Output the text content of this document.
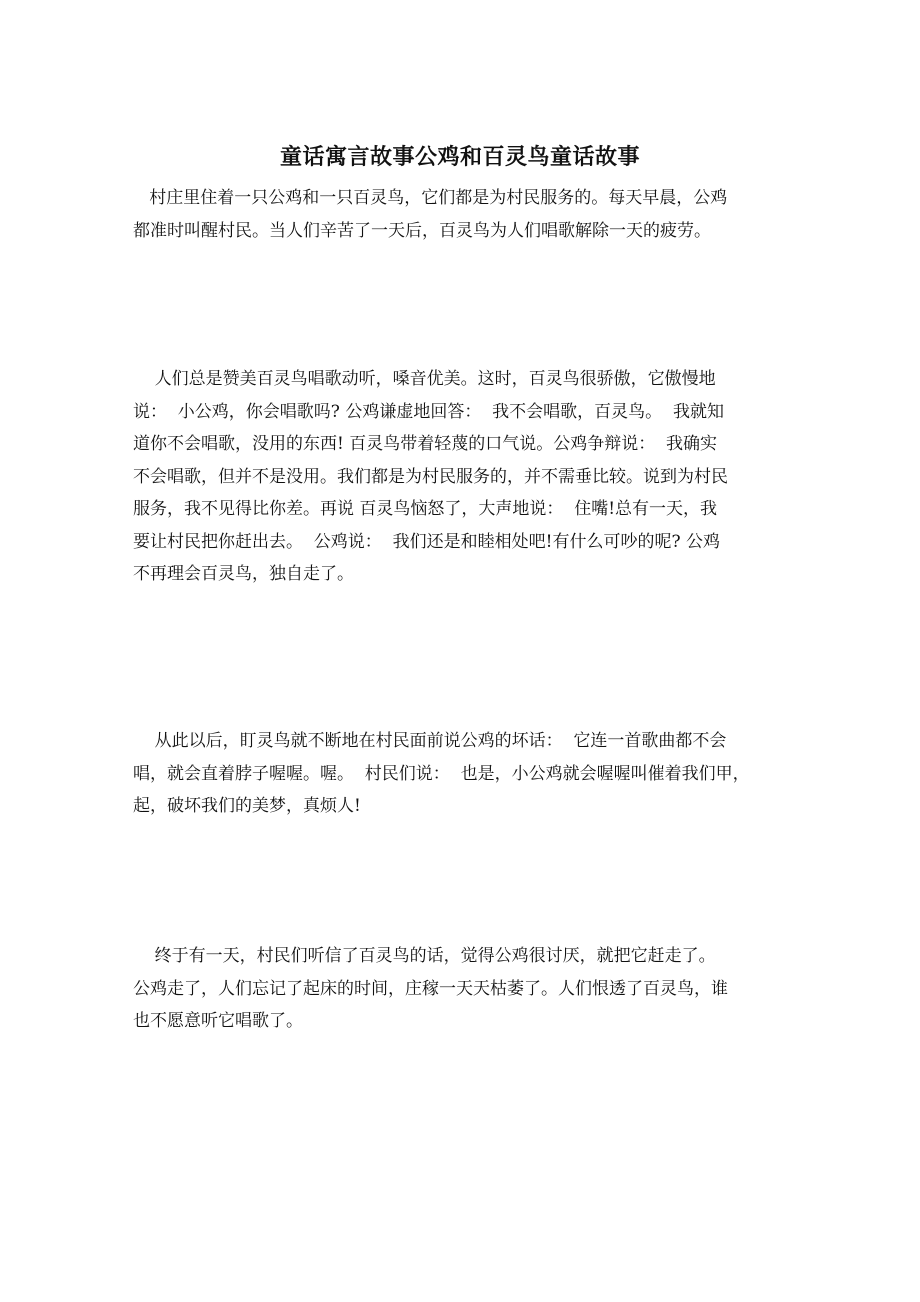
童话寓言故事公鸡和百灵鸟童话故事
村庄里住着一只公鸡和一只百灵鸟，它们都是为村民服务的。每天早晨，公鸡
都准时叫醒村民。当人们辛苦了一天后，百灵鸟为人们唱歌解除一天的疲劳。
人们总是赞美百灵鸟唱歌动听，嗓音优美。这时，百灵鸟很骄傲，它傲慢地
说：  小公鸡，你会唱歌吗? 公鸡谦虚地回答：  我不会唱歌，百灵鸟。  我就知
道你不会唱歌，没用的东西! 百灵鸟带着轻蔑的口气说。公鸡争辩说：  我确实
不会唱歌，但并不是没用。我们都是为村民服务的，并不需垂比较。说到为村民
服务，我不见得比你差。再说 百灵鸟恼怒了，大声地说：  住嘴!总有一天，我
要让村民把你赶出去。  公鸡说：  我们还是和睦相处吧!有什么可吵的呢? 公鸡
不再理会百灵鸟，独自走了。
从此以后，盯灵鸟就不断地在村民面前说公鸡的坏话：  它连一首歌曲都不会
唱，就会直着脖子喔喔。喔。  村民们说：  也是，小公鸡就会喔喔叫催着我们甲，
起，破坏我们的美梦，真烦人!
终于有一天，村民们听信了百灵鸟的话，觉得公鸡很讨厌，就把它赶走了。
公鸡走了，人们忘记了起床的时间，庄稼一天天枯萎了。人们恨透了百灵鸟，谁
也不愿意听它唱歌了。
